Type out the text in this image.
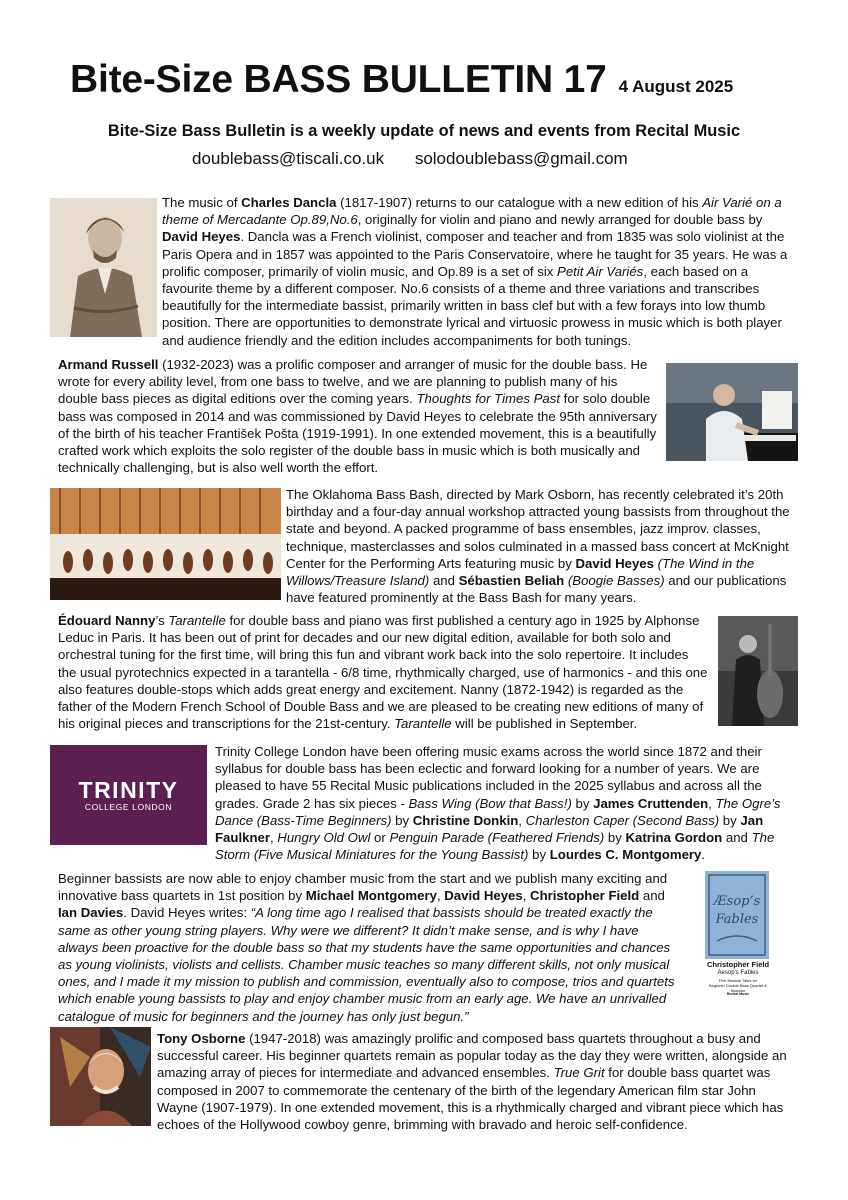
Bite-Size BASS BULLETIN 17 4 August 2025
Bite-Size Bass Bulletin is a weekly update of news and events from Recital Music
doublebass@tiscali.co.uk solodoublebass@gmail.com

The music of Charles Dancla (1817-1907) returns to our catalogue with a new edition of his Air Varié on a theme of Mercadante Op.89,No.6, originally for violin and piano and newly arranged for double bass by David Heyes. Dancla was a French violinist, composer and teacher and from 1835 was solo violinist at the Paris Opera and in 1857 was appointed to the Paris Conservatoire, where he taught for 35 years. He was a prolific composer, primarily of violin music, and Op.89 is a set of six Petit Air Variés, each based on a favourite theme by a different composer. No.6 consists of a theme and three variations and transcribes beautifully for the intermediate bassist, primarily written in bass clef but with a few forays into low thumb position. There are opportunities to demonstrate lyrical and virtuosic prowess in music which is both player and audience friendly and the edition includes accompaniments for both tunings.

Armand Russell (1932-2023) was a prolific composer and arranger of music for the double bass. He wrote for every ability level, from one bass to twelve, and we are planning to publish many of his double bass pieces as digital editions over the coming years. Thoughts for Times Past for solo double bass was composed in 2014 and was commissioned by David Heyes to celebrate the 95th anniversary of the birth of his teacher František Pošta (1919-1991). In one extended movement, this is a beautifully crafted work which exploits the solo register of the double bass in music which is both musically and technically challenging, but is also well worth the effort.

The Oklahoma Bass Bash, directed by Mark Osborn, has recently celebrated it’s 20th birthday and a four-day annual workshop attracted young bassists from throughout the state and beyond. A packed programme of bass ensembles, jazz improv. classes, technique, masterclasses and solos culminated in a massed bass concert at McKnight Center for the Performing Arts featuring music by David Heyes (The Wind in the Willows/Treasure Island) and Sébastien Beliah (Boogie Basses) and our publications have featured prominently at the Bass Bash for many years.

Édouard Nanny’s Tarantelle for double bass and piano was first published a century ago in 1925 by Alphonse Leduc in Paris. It has been out of print for decades and our new digital edition, available for both solo and orchestral tuning for the first time, will bring this fun and vibrant work back into the solo repertoire. It includes the usual pyrotechnics expected in a tarantella - 6/8 time, rhythmically charged, use of harmonics - and this one also features double-stops which adds great energy and excitement. Nanny (1872-1942) is regarded as the father of the Modern French School of Double Bass and we are pleased to be creating new editions of many of his original pieces and transcriptions for the 21st-century. Tarantelle will be published in September.

TRINITY
COLLEGE LONDON

Trinity College London have been offering music exams across the world since 1872 and their syllabus for double bass has been eclectic and forward looking for a number of years. We are pleased to have 55 Recital Music publications included in the 2025 syllabus and across all the grades. Grade 2 has six pieces - Bass Wing (Bow that Bass!) by James Cruttenden, The Ogre’s Dance (Bass-Time Beginners) by Christine Donkin, Charleston Caper (Second Bass) by Jan Faulkner, Hungry Old Owl or Penguin Parade (Feathered Friends) by Katrina Gordon and The Storm (Five Musical Miniatures for the Young Bassist) by Lourdes C. Montgomery.

Beginner bassists are now able to enjoy chamber music from the start and we publish many exciting and innovative bass quartets in 1st position by Michael Montgomery, David Heyes, Christopher Field and Ian Davies. David Heyes writes: “A long time ago I realised that bassists should be treated exactly the same as other young string players. Why were we different? It didn’t make sense, and is why I have always been proactive for the double bass so that my students have the same opportunities and chances as young violinists, violists and cellists. Chamber music teaches so many different skills, not only musical ones, and I made it my mission to publish and commission, eventually also to compose, trios and quartets which enable young bassists to play and enjoy chamber music from an early age. We have an unrivalled catalogue of music for beginners and the journey has only just begun.”

Æsop’s
Fables
Christopher Field
Aesop’s Fables
Five Musical Tales for
Beginner Double Bass Quartet & Narrator
Recital Music

Tony Osborne (1947-2018) was amazingly prolific and composed bass quartets throughout a busy and successful career. His beginner quartets remain as popular today as the day they were written, alongside an amazing array of pieces for intermediate and advanced ensembles. True Grit for double bass quartet was composed in 2007 to commemorate the centenary of the birth of the legendary American film star John Wayne (1907-1979). In one extended movement, this is a rhythmically charged and vibrant piece which has echoes of the Hollywood cowboy genre, brimming with bravado and heroic self-confidence.
